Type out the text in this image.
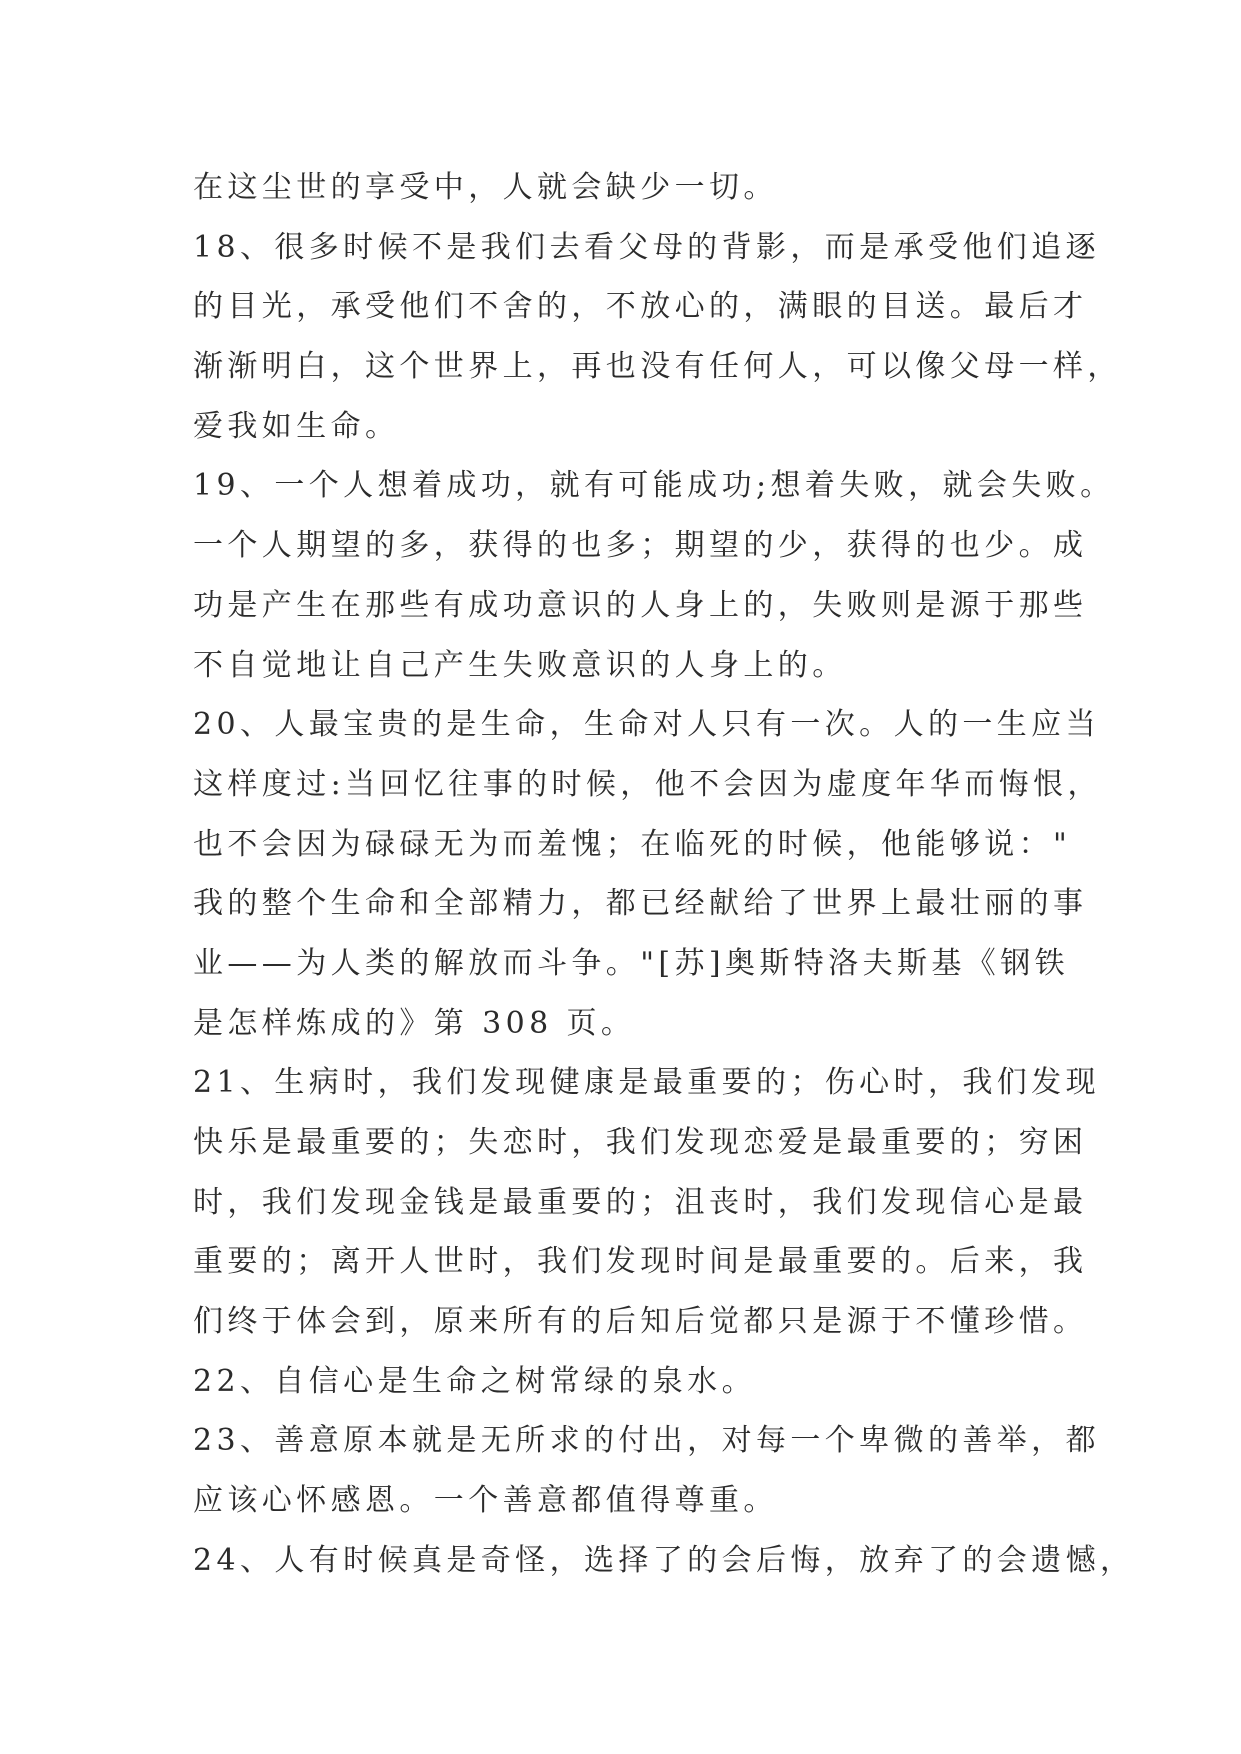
在这尘世的享受中，人就会缺少一切。
18、很多时候不是我们去看父母的背影，而是承受他们追逐
的目光，承受他们不舍的，不放心的，满眼的目送。最后才
渐渐明白，这个世界上，再也没有任何人，可以像父母一样，
爱我如生命。
19、一个人想着成功，就有可能成功;想着失败，就会失败。
一个人期望的多，获得的也多；期望的少，获得的也少。成
功是产生在那些有成功意识的人身上的，失败则是源于那些
不自觉地让自己产生失败意识的人身上的。
20、人最宝贵的是生命，生命对人只有一次。人的一生应当
这样度过:当回忆往事的时候，他不会因为虚度年华而悔恨，
也不会因为碌碌无为而羞愧；在临死的时候，他能够说："
我的整个生命和全部精力，都已经献给了世界上最壮丽的事
业——为人类的解放而斗争。"[苏]奥斯特洛夫斯基《钢铁
是怎样炼成的》第 308 页。
21、生病时，我们发现健康是最重要的；伤心时，我们发现
快乐是最重要的；失恋时，我们发现恋爱是最重要的；穷困
时，我们发现金钱是最重要的；沮丧时，我们发现信心是最
重要的；离开人世时，我们发现时间是最重要的。后来，我
们终于体会到，原来所有的后知后觉都只是源于不懂珍惜。
22、自信心是生命之树常绿的泉水。
23、善意原本就是无所求的付出，对每一个卑微的善举，都
应该心怀感恩。一个善意都值得尊重。
24、人有时候真是奇怪，选择了的会后悔，放弃了的会遗憾，
